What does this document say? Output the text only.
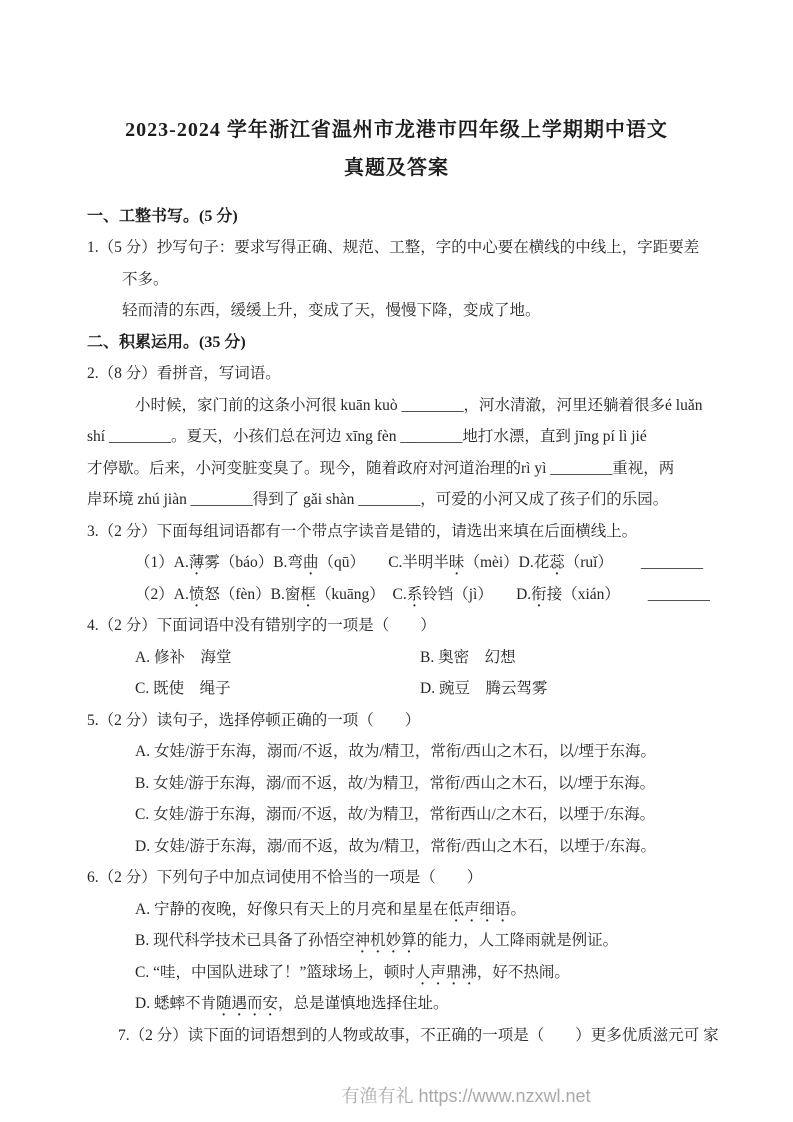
2023-2024 学年浙江省温州市龙港市四年级上学期期中语文
真题及答案
一、工整书写。(5 分)
1.（5 分）抄写句子：要求写得正确、规范、工整，字的中心要在横线的中线上，字距要差
不多。
轻而清的东西，缓缓上升，变成了天，慢慢下降，变成了地。
二、积累运用。(35 分)
2.（8 分）看拼音，写词语。
小时候，家门前的这条小河很 kuān kuò ________，河水清澈，河里还躺着很多é luǎn
shí ________。夏天，小孩们总在河边 xīng fèn ________地打水漂，直到 jīng pí lì jié
才停歇。后来，小河变脏变臭了。现今，随着政府对河道治理的rì yì ________重视，两
岸环境 zhú jiàn ________得到了 gǎi shàn ________，可爱的小河又成了孩子们的乐园。
3.（2 分）下面每组词语都有一个带点字读音是错的，请选出来填在后面横线上。
（1）A.薄雾（báo）B.弯曲（qū）　　C.半明半昧（mèi）D.花蕊（ruǐ） ________
（2）A.愤怒（fèn）B.窗框（kuāng）　C.系铃铛（jì）　　D.衔接（xián） ________
4.（2 分）下面词语中没有错别字的一项是（　　）
A. 修补　海堂	B. 奥密　幻想
C. 既使　绳子	D. 豌豆　腾云驾雾
5.（2 分）读句子，选择停顿正确的一项（　　）
A. 女娃/游于东海，溺而/不返，故为/精卫，常衔/西山之木石，以/堙于东海。
B. 女娃/游于东海，溺/而不返，故/为精卫，常衔/西山之木石，以/堙于东海。
C. 女娃/游于东海，溺而/不返，故/为精卫，常衔西山/之木石，以堙于/东海。
D. 女娃/游于东海，溺/而不返，故为/精卫，常衔/西山之木石，以堙于/东海。
6.（2 分）下列句子中加点词使用不恰当的一项是（　　）
A. 宁静的夜晚，好像只有天上的月亮和星星在低声细语。
B. 现代科学技术已具备了孙悟空神机妙算的能力，人工降雨就是例证。
C. “哇，中国队进球了！”篮球场上，顿时人声鼎沸，好不热闹。
D. 蟋蟀不肯随遇而安，总是谨慎地选择住址。
7.（2 分）读下面的词语想到的人物或故事，不正确的一项是（　　）更多优质滋元可 家
有渔有礼 https://www.nzxwl.net
